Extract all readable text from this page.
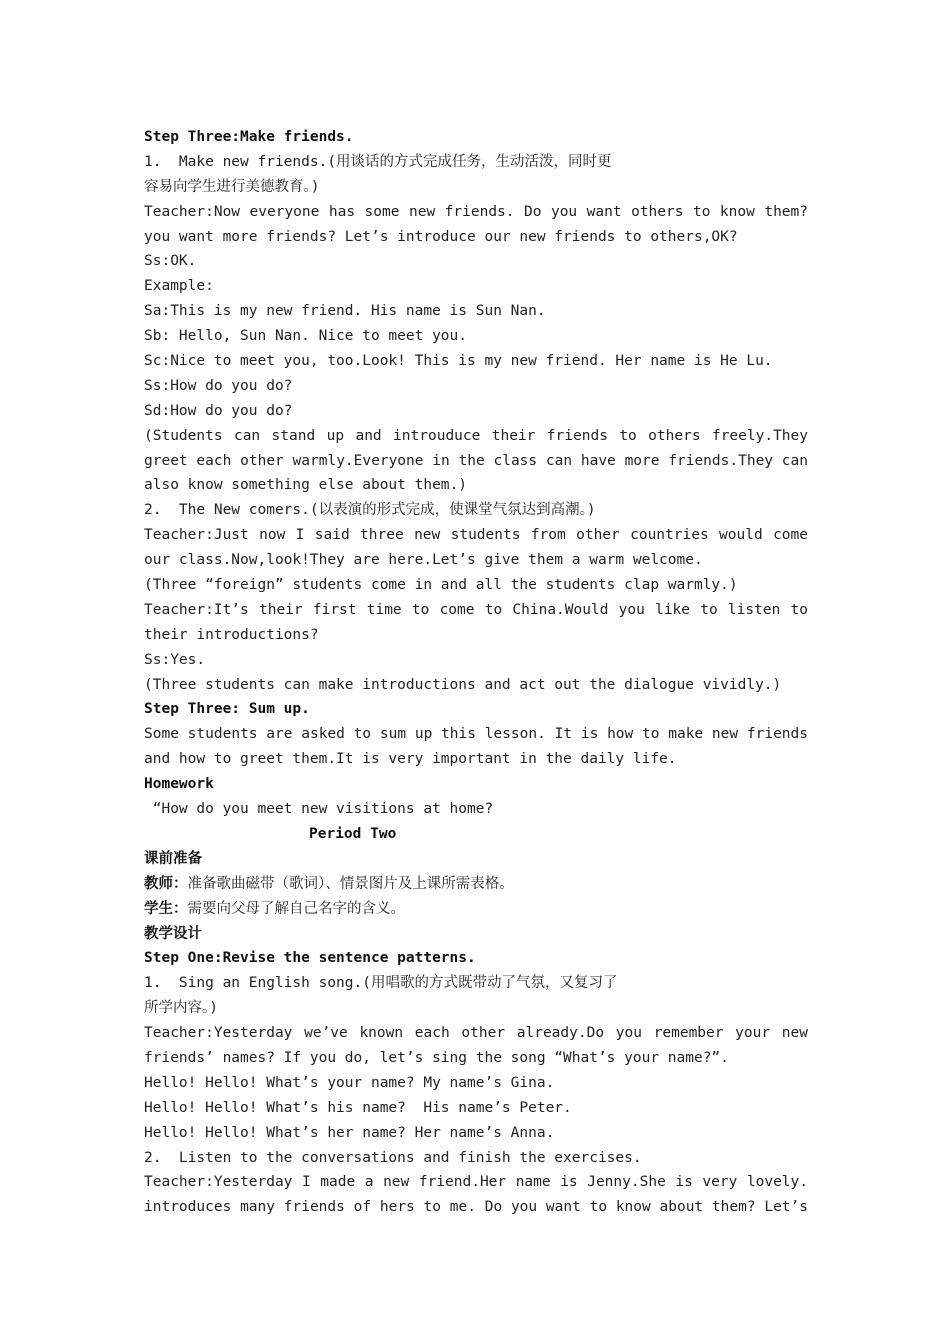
Step Three:Make friends.
1.  Make new friends.(用谈话的方式完成任务，生动活泼，同时更
容易向学生进行美德教育。)
Teacher:Now everyone has some new friends. Do you want others to know them?
you want more friends? Let’s introduce our new friends to others,OK?
Ss:OK.
Example:
Sa:This is my new friend. His name is Sun Nan.
Sb: Hello, Sun Nan. Nice to meet you.
Sc:Nice to meet you, too.Look! This is my new friend. Her name is He Lu.
Ss:How do you do?
Sd:How do you do?
(Students can stand up and introuduce their friends to others freely.They
greet each other warmly.Everyone in the class can have more friends.They can
also know something else about them.)
2.  The New comers.(以表演的形式完成，使课堂气氛达到高潮。)
Teacher:Just now I said three new students from other countries would come
our class.Now,look!They are here.Let’s give them a warm welcome.
(Three “foreign” students come in and all the students clap warmly.)
Teacher:It’s their first time to come to China.Would you like to listen to
their introductions?
Ss:Yes.
(Three students can make introductions and act out the dialogue vividly.)
Step Three: Sum up.
Some students are asked to sum up this lesson. It is how to make new friends
and how to greet them.It is very important in the daily life.
Homework
“How do you meet new visitions at home?
Period Two
课前准备
教师：准备歌曲磁带（歌词）、情景图片及上课所需表格。
学生：需要向父母了解自己名字的含义。
教学设计
Step One:Revise the sentence patterns.
1.  Sing an English song.(用唱歌的方式既带动了气氛，又复习了
所学内容。)
Teacher:Yesterday we’ve known each other already.Do you remember your new
friends’ names? If you do, let’s sing the song “What’s your name?”.
Hello! Hello! What’s your name? My name’s Gina.
Hello! Hello! What’s his name?  His name’s Peter.
Hello! Hello! What’s her name? Her name’s Anna.
2.  Listen to the conversations and finish the exercises.
Teacher:Yesterday I made a new friend.Her name is Jenny.She is very lovely.
introduces many friends of hers to me. Do you want to know about them? Let’s
